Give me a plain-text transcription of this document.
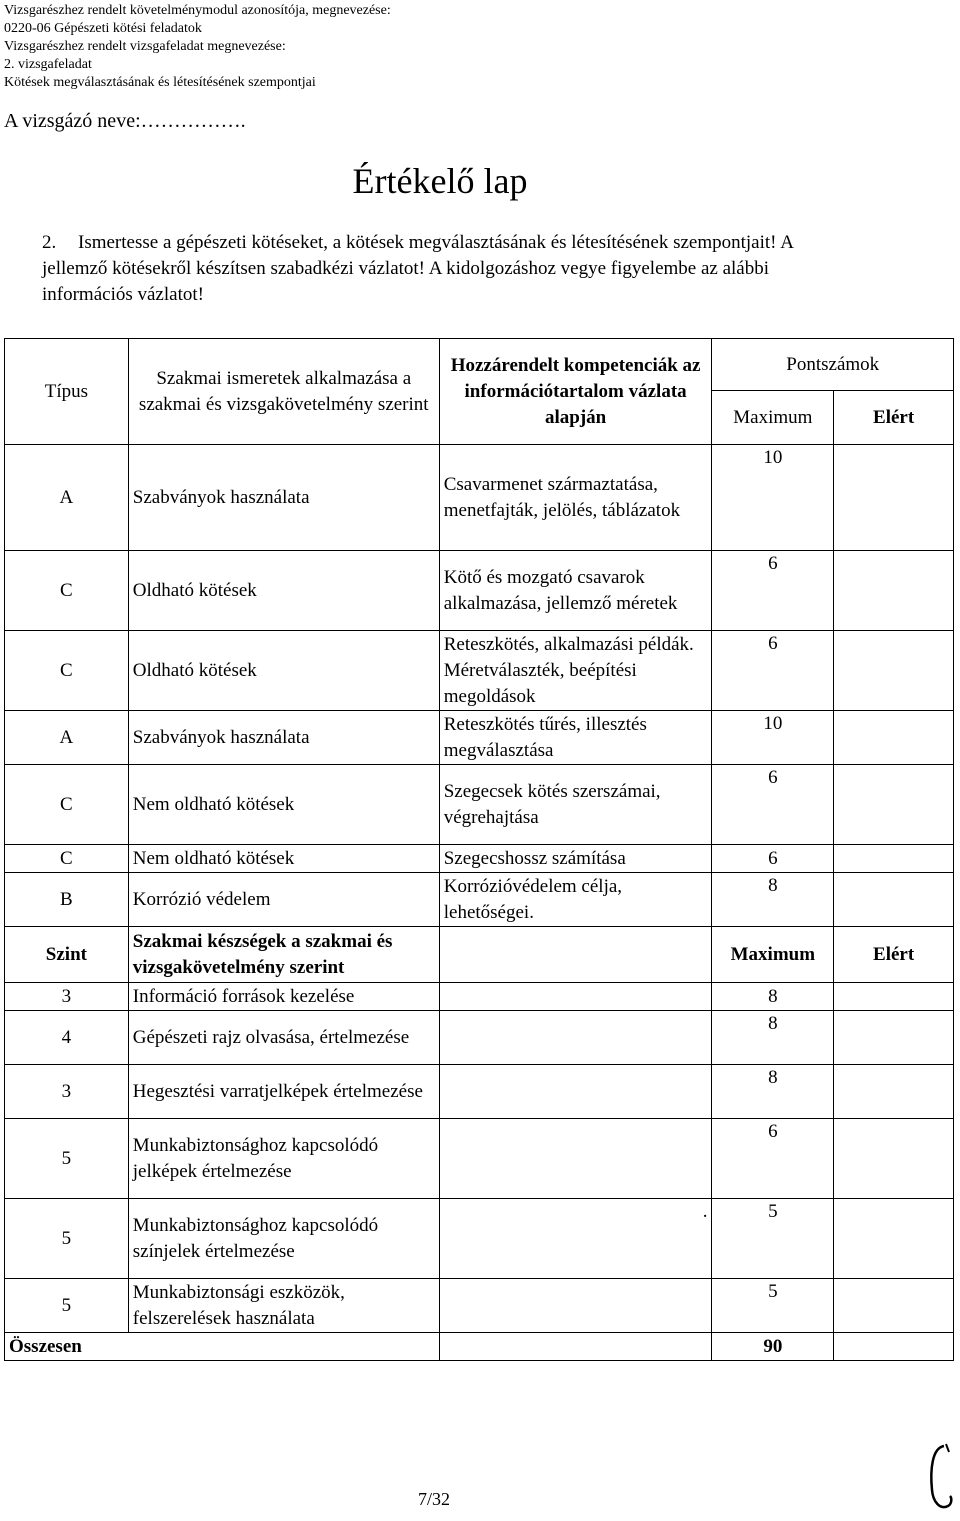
Vizsgarészhez rendelt követelménymodul azonosítója, megnevezése:
0220-06 Gépészeti kötési feladatok
Vizsgarészhez rendelt vizsgafeladat megnevezése:
2. vizsgafeladat
Kötések megválasztásának és létesítésének szempontjai
A vizsgázó neve:…………….
Értékelő lap
2. Ismertesse a gépészeti kötéseket, a kötések megválasztásának és létesítésének szempontjait! A jellemző kötésekről készítsen szabadkézi vázlatot! A kidolgozáshoz vegye figyelembe az alábbi információs vázlatot!
Típus	Szakmai ismeretek alkalmazása a szakmai és vizsgakövetelmény szerint	Hozzárendelt kompetenciák az információtartalom vázlata alapján	Pontszámok	
			Maximum	Elért
A	Szabványok használata	Csavarmenet származtatása, menetfajták, jelölés, táblázatok	10	
C	Oldható kötések	Kötő és mozgató csavarok alkalmazása, jellemző méretek	6	
C	Oldható kötések	Reteszkötés, alkalmazási példák. Méretválaszték, beépítési megoldások	6	
A	Szabványok használata	Reteszkötés tűrés, illesztés megválasztása	10	
C	Nem oldható kötések	Szegecsek kötés szerszámai, végrehajtása	6	
C	Nem oldható kötések	Szegecshossz számítása	6	
B	Korrózió védelem	Korrózióvédelem célja, lehetőségei.	8	
Szint	Szakmai készségek a szakmai és vizsgakövetelmény szerint		Maximum	Elért
3	Információ források kezelése		8	
4	Gépészeti rajz olvasása, értelmezése		8	
3	Hegesztési varratjelképek értelmezése		8	
5	Munkabiztonsághoz kapcsolódó jelképek értelmezése		6	
5	Munkabiztonsághoz kapcsolódó színjelek értelmezése	.	5	
5	Munkabiztonsági eszközök, felszerelések használata		5	
Összesen			90	
7/32
